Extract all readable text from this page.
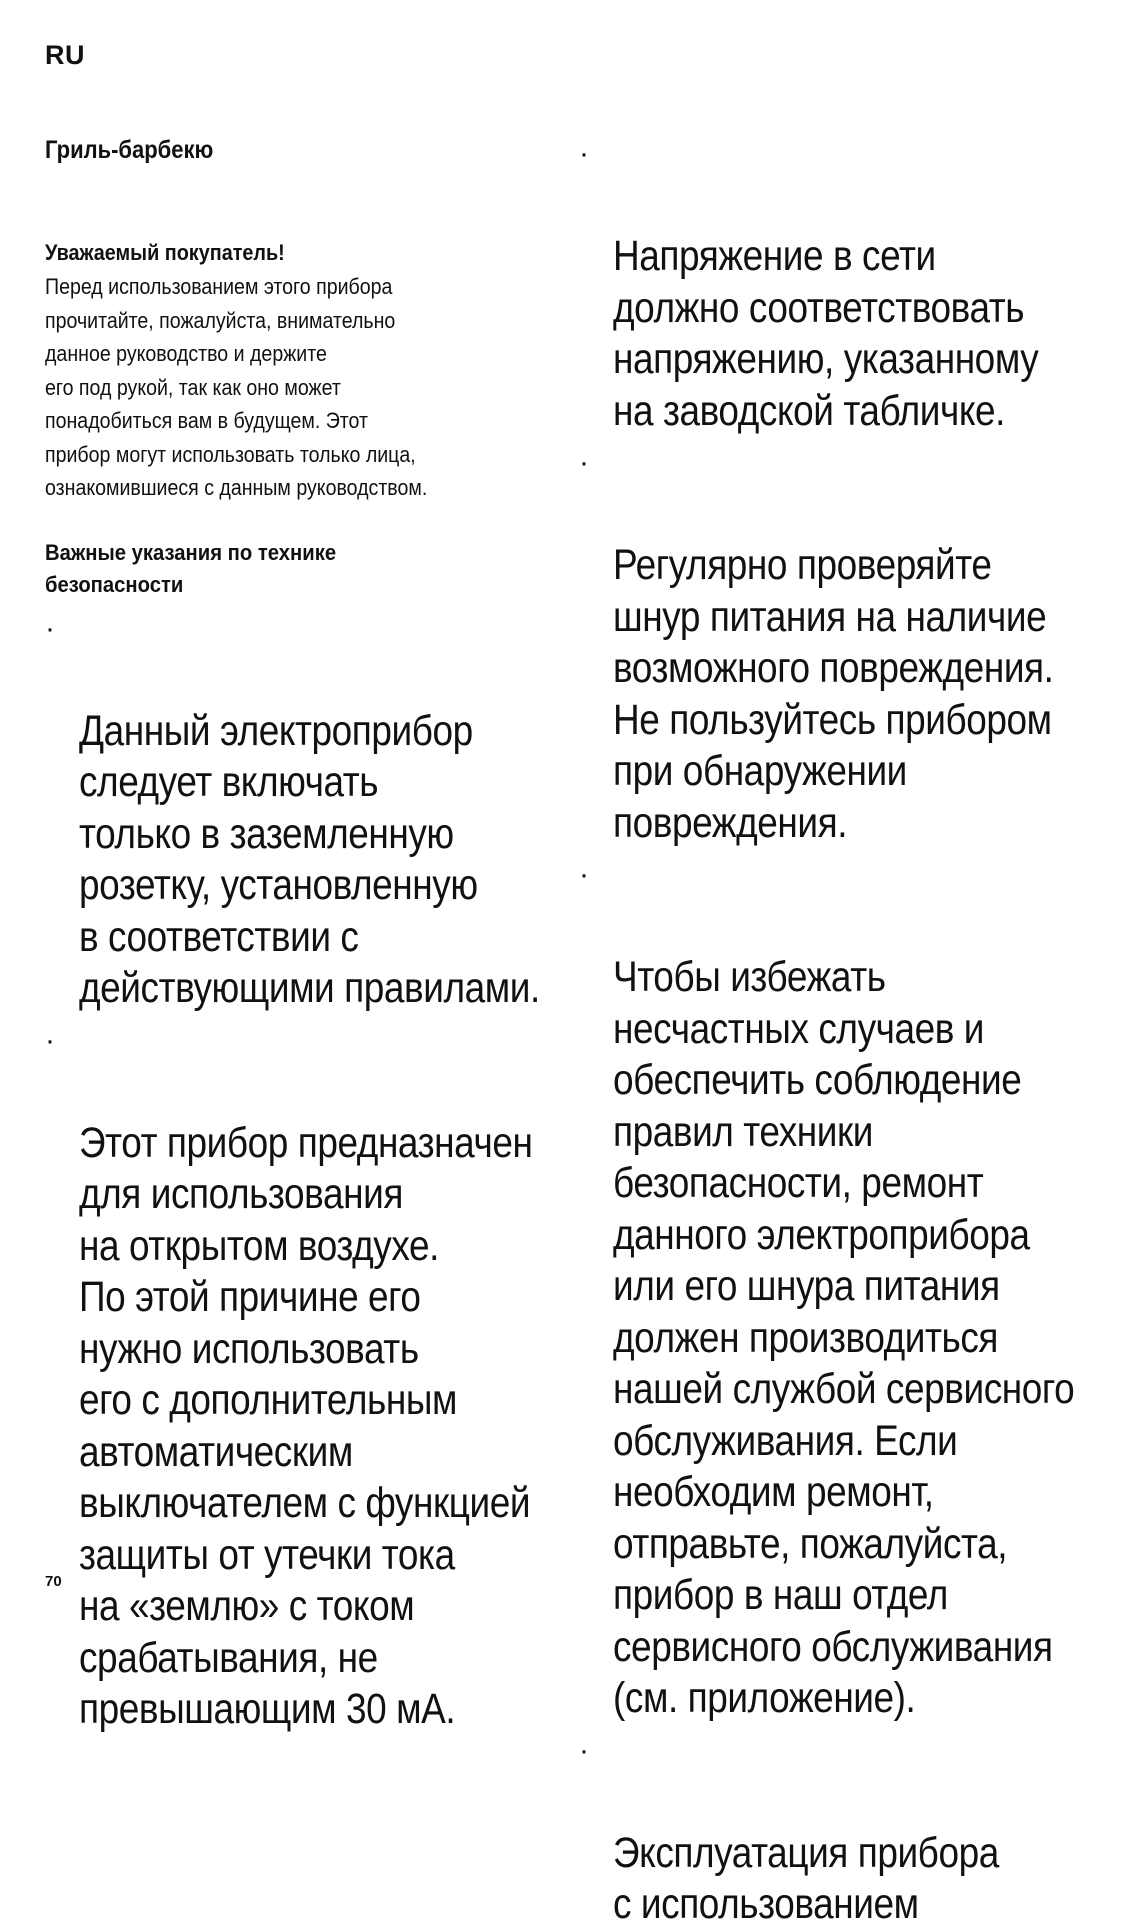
RU
Гриль-барбекю
Уважаемый покупатель!

Перед использованием этого прибора
прочитайте, пожалуйста, внимательно
данное руководство и держите
его под рукой, так как оно может
понадобиться вам в будущем. Этот
прибор могут использовать только лица,
ознакомившиеся с данным руководством.

Важные указания по технике
безопасности

·

Данный электроприбор
следует включать
только в заземленную
розетку, установленную
в соответствии с
действующими правилами.

·

Этот прибор предназначен
для использования
на открытом воздухе.
По этой причине его
нужно использовать
его с дополнительным
автоматическим
выключателем с функцией
защиты от утечки тока
на «землю» с током
срабатывания, не
превышающим 30 мА.

·

Напряжение в сети
должно соответствовать
напряжению, указанному
на заводской табличке.

·

Регулярно проверяйте
шнур питания на наличие
возможного повреждения.
Не пользуйтесь прибором
при обнаружении
повреждения.

·

Чтобы избежать
несчастных случаев и
обеспечить соблюдение
правил техники
безопасности, ремонт
данного электроприбора
или его шнура питания
должен производиться
нашей службой сервисного
обслуживания. Если
необходим ремонт,
отправьте, пожалуйста,
прибор в наш отдел
сервисного обслуживания
(см. приложение).

·

Эксплуатация прибора
с использованием

70
